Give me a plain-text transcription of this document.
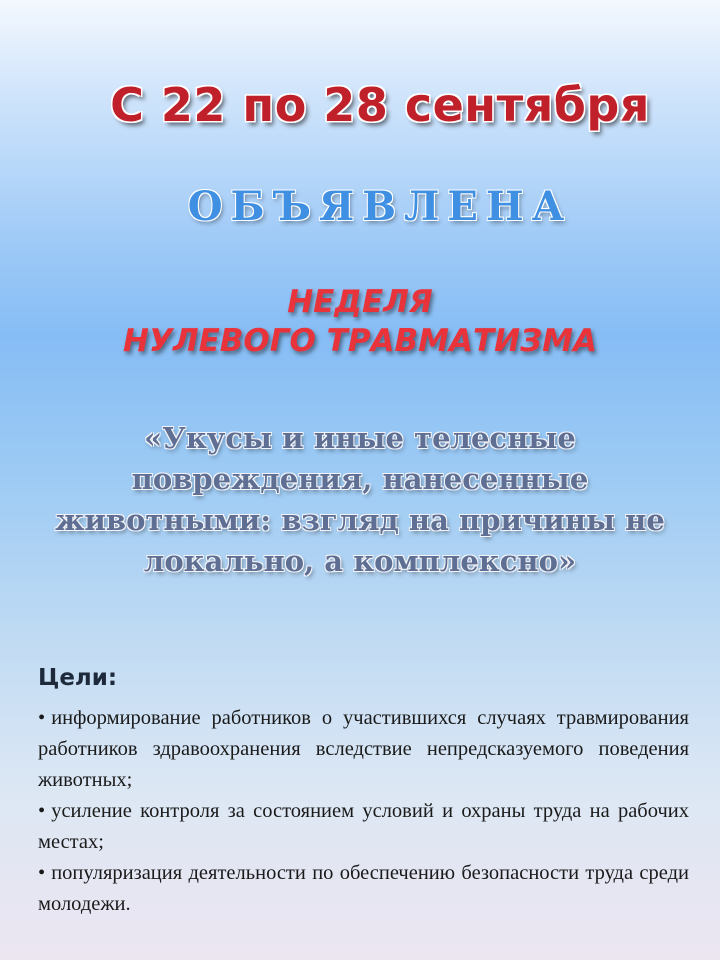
С 22 по 28 сентября
ОБЪЯВЛЕНА
НЕДЕЛЯ
НУЛЕВОГО ТРАВМАТИЗМА
«Укусы и иные телесные повреждения, нанесенные животными: взгляд на причины не локально, а комплексно»
Цели:
• информирование работников о участившихся случаях травмирования работников здравоохранения вследствие непредсказуемого поведения животных;
• усиление контроля за состоянием условий и охраны труда на рабочих местах;
• популяризация деятельности по обеспечению безопасности труда среди молодежи.
